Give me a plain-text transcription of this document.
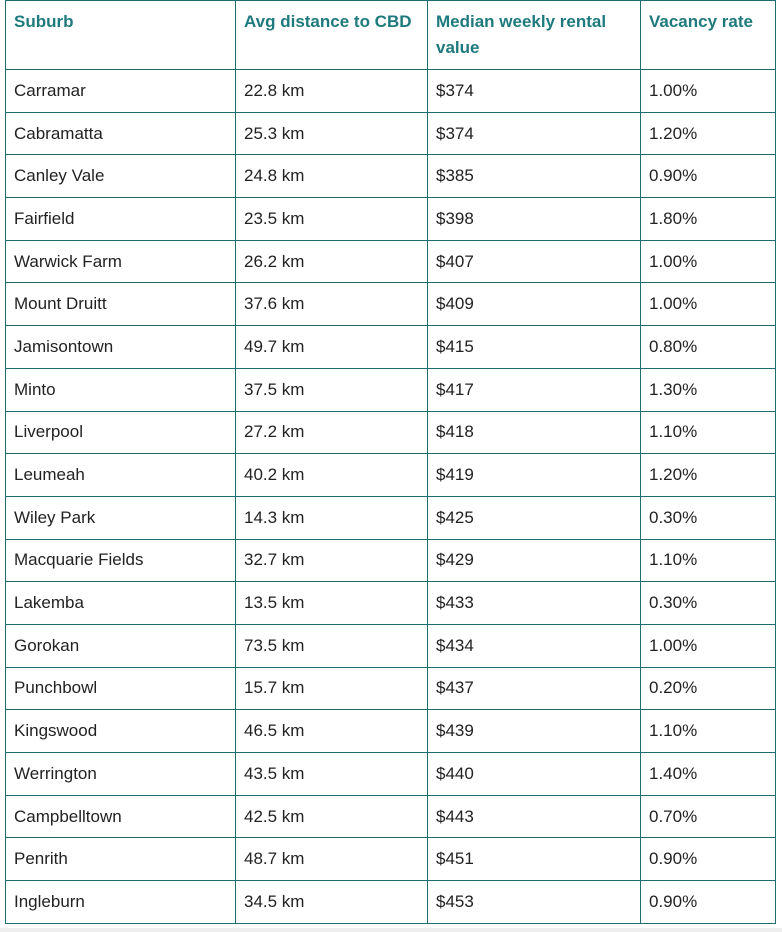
Suburb	Avg distance to CBD	Median weekly rental value	Vacancy rate
Carramar	22.8 km	$374	1.00%
Cabramatta	25.3 km	$374	1.20%
Canley Vale	24.8 km	$385	0.90%
Fairfield	23.5 km	$398	1.80%
Warwick Farm	26.2 km	$407	1.00%
Mount Druitt	37.6 km	$409	1.00%
Jamisontown	49.7 km	$415	0.80%
Minto	37.5 km	$417	1.30%
Liverpool	27.2 km	$418	1.10%
Leumeah	40.2 km	$419	1.20%
Wiley Park	14.3 km	$425	0.30%
Macquarie Fields	32.7 km	$429	1.10%
Lakemba	13.5 km	$433	0.30%
Gorokan	73.5 km	$434	1.00%
Punchbowl	15.7 km	$437	0.20%
Kingswood	46.5 km	$439	1.10%
Werrington	43.5 km	$440	1.40%
Campbelltown	42.5 km	$443	0.70%
Penrith	48.7 km	$451	0.90%
Ingleburn	34.5 km	$453	0.90%
